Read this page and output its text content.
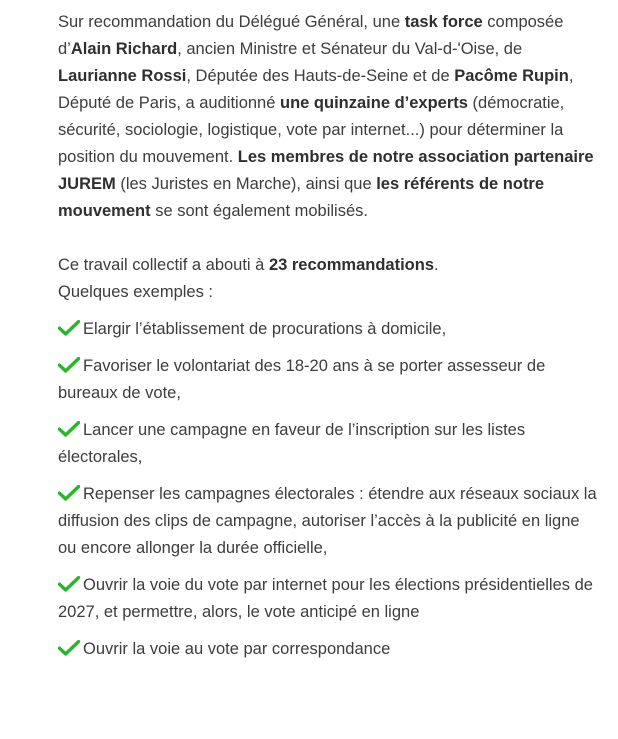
Sur recommandation du Délégué Général, une task force composée d’Alain Richard, ancien Ministre et Sénateur du Val-d-'Oise, de Laurianne Rossi, Députée des Hauts-de-Seine et de Pacôme Rupin, Député de Paris, a auditionné une quinzaine d’experts (démocratie, sécurité, sociologie, logistique, vote par internet...) pour déterminer la position du mouvement. Les membres de notre association partenaire JUREM (les Juristes en Marche), ainsi que les référents de notre mouvement se sont également mobilisés.

Ce travail collectif a abouti à 23 recommandations.
Quelques exemples :

Elargir l’établissement de procurations à domicile,
Favoriser le volontariat des 18-20 ans à se porter assesseur de bureaux de vote,
Lancer une campagne en faveur de l’inscription sur les listes électorales,
Repenser les campagnes électorales : étendre aux réseaux sociaux la diffusion des clips de campagne, autoriser l’accès à la publicité en ligne ou encore allonger la durée officielle,
Ouvrir la voie du vote par internet pour les élections présidentielles de 2027, et permettre, alors, le vote anticipé en ligne
Ouvrir la voie au vote par correspondance
